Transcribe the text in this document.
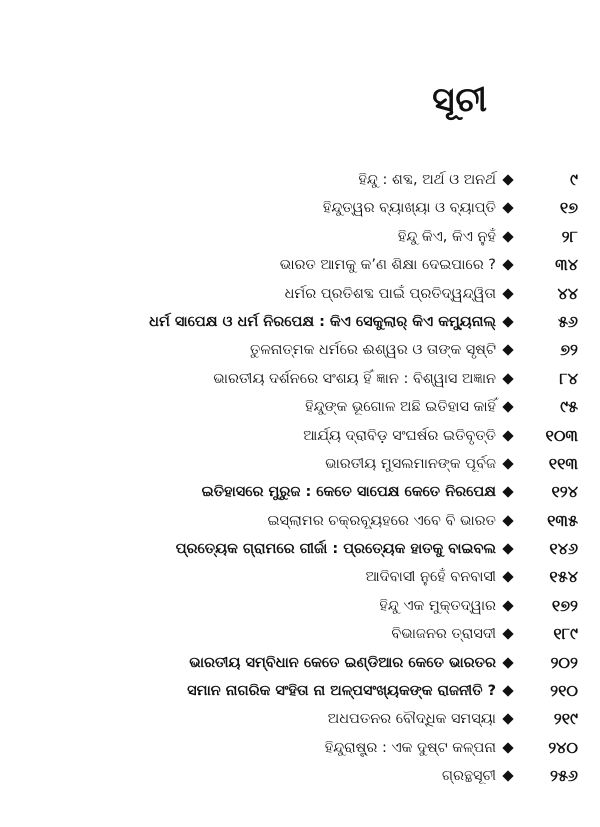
ସୂଚୀ
ହିନ୍ଦୁ : ଶବ୍ଦ, ଅର୍ଥ ଓ ଅନର୍ଥ	୯
ହିନ୍ଦୁତ୍ୱର ବ୍ୟାଖ୍ୟା ଓ ବ୍ୟାପ୍ତି	୧୭
ହିନ୍ଦୁ କିଏ, କିଏ ନୁହଁ	୨୮
ଭାରତ ଆମକୁ କ’ଣ ଶିକ୍ଷା ଦେଇପାରେ ?	୩୪
ଧର୍ମର ପ୍ରତିଶବ୍ଦ ପାଇଁ ପ୍ରତିଦ୍ୱନ୍ଦ୍ୱିତା	୪୪
ଧର୍ମ ସାପେକ୍ଷ ଓ ଧର୍ମ ନିରପେକ୍ଷ : କିଏ ସେକୁଲାର୍‌ କିଏ କମ୍ୟୁନାଲ୍‌	୫୬
ତୁଳନାତ୍ମକ ଧର୍ମରେ ଈଶ୍ୱର ଓ ତାଙ୍କ ସୃଷ୍ଟି	୭୨
ଭାରତୀୟ ଦର୍ଶନରେ ସଂଶୟ ହିଁ ଜ୍ଞାନ : ବିଶ୍ୱାସ ଅଜ୍ଞାନ	୮୪
ହିନ୍ଦୁଙ୍କ ଭୂଗୋଳ ଅଛି ଇତିହାସ କାହିଁ	୯୫
ଆର୍ଯ୍ୟ ଦ୍ରାବିଡ଼ ସଂଘର୍ଷର ଇତିବୃତ୍ତି	୧୦୩
ଭାରତୀୟ ମୁସଲମାନଙ୍କ ପୂର୍ବଜ	୧୧୩
ଇତିହାସରେ ମୁରୁଜ : କେତେ ସାପେକ୍ଷ କେତେ ନିରପେକ୍ଷ	୧୨୪
ଇସ୍‌ଲାମର ଚକ୍ରବ୍ୟୂହରେ ଏବେ ବି ଭାରତ	୧୩୫
ପ୍ରତ୍ୟେକ ଗ୍ରାମରେ ଗୀର୍ଜା : ପ୍ରତ୍ୟେକ ହାତକୁ ବାଇବଲ	୧୪୬
ଆଦିବାସୀ ନୁହେଁ ବନବାସୀ	୧୫୪
ହିନ୍ଦୁ ଏକ ମୁକ୍ତଦ୍ୱାର	୧୭୨
ବିଭାଜନର ତ୍ରାସଦୀ	୧୮୯
ଭାରତୀୟ ସମ୍ବିଧାନ କେତେ ଇଣ୍ଡିଆର କେତେ ଭାରତର	୨୦୨
ସମାନ ନାଗରିକ ସଂହିତା ନା ଅଳ୍ପସଂଖ୍ୟକଙ୍କ ରାଜନୀତି ?	୨୧୦
ଅଧପତନର ବୌଦ୍ଧିକ ସମସ୍ୟା	୨୧୯
ହିନ୍ଦୁରାଷ୍ଟ୍ର : ଏକ ଦୁଷ୍ଟ କଳ୍ପନା	୨୪୦
ଗ୍ରନ୍ଥସୂଚୀ	୨୫୬
